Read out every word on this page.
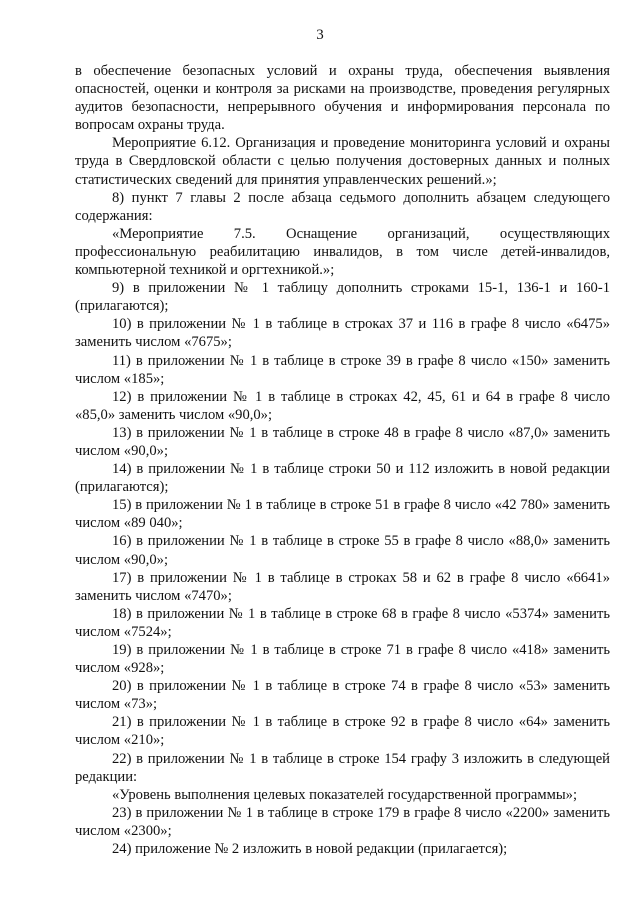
3

в обеспечение безопасных условий и охраны труда, обеспечения выявления опасностей, оценки и контроля за рисками на производстве, проведения регулярных аудитов безопасности, непрерывного обучения и информирования персонала по вопросам охраны труда.

Мероприятие 6.12. Организация и проведение мониторинга условий и охраны труда в Свердловской области с целью получения достоверных данных и полных статистических сведений для принятия управленческих решений.»;

8) пункт 7 главы 2 после абзаца седьмого дополнить абзацем следующего содержания:

«Мероприятие 7.5. Оснащение организаций, осуществляющих профессиональную реабилитацию инвалидов, в том числе детей-инвалидов, компьютерной техникой и оргтехникой.»;

9) в приложении № 1 таблицу дополнить строками 15-1, 136-1 и 160-1 (прилагаются);

10) в приложении № 1 в таблице в строках 37 и 116 в графе 8 число «6475» заменить числом «7675»;

11) в приложении № 1 в таблице в строке 39 в графе 8 число «150» заменить числом «185»;

12) в приложении № 1 в таблице в строках 42, 45, 61 и 64 в графе 8 число «85,0» заменить числом «90,0»;

13) в приложении № 1 в таблице в строке 48 в графе 8 число «87,0» заменить числом «90,0»;

14) в приложении № 1 в таблице строки 50 и 112 изложить в новой редакции (прилагаются);

15) в приложении № 1 в таблице в строке 51 в графе 8 число «42 780» заменить числом «89 040»;

16) в приложении № 1 в таблице в строке 55 в графе 8 число «88,0» заменить числом «90,0»;

17) в приложении № 1 в таблице в строках 58 и 62 в графе 8 число «6641» заменить числом «7470»;

18) в приложении № 1 в таблице в строке 68 в графе 8 число «5374» заменить числом «7524»;

19) в приложении № 1 в таблице в строке 71 в графе 8 число «418» заменить числом «928»;

20) в приложении № 1 в таблице в строке 74 в графе 8 число «53» заменить числом «73»;

21) в приложении № 1 в таблице в строке 92 в графе 8 число «64» заменить числом «210»;

22) в приложении № 1 в таблице в строке 154 графу 3 изложить в следующей редакции:

«Уровень выполнения целевых показателей государственной программы»;

23) в приложении № 1 в таблице в строке 179 в графе 8 число «2200» заменить числом «2300»;

24) приложение № 2 изложить в новой редакции (прилагается);
